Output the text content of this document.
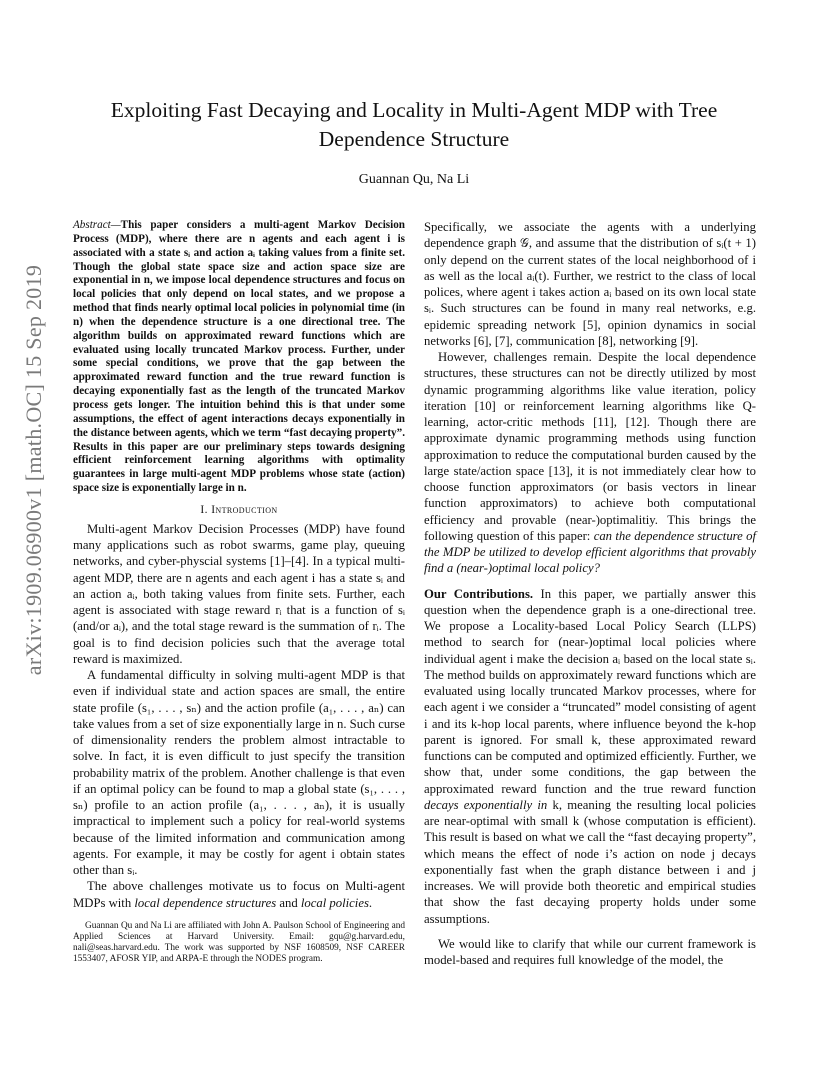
Exploiting Fast Decaying and Locality in Multi-Agent MDP with Tree Dependence Structure
Guannan Qu, Na Li
arXiv:1909.06900v1 [math.OC] 15 Sep 2019

Abstract—This paper considers a multi-agent Markov Decision Process (MDP), where there are n agents and each agent i is associated with a state sᵢ and action aᵢ taking values from a finite set. Though the global state space size and action space size are exponential in n, we impose local dependence structures and focus on local policies that only depend on local states, and we propose a method that finds nearly optimal local policies in polynomial time (in n) when the dependence structure is a one directional tree. The algorithm builds on approximated reward functions which are evaluated using locally truncated Markov process. Further, under some special conditions, we prove that the gap between the approximated reward function and the true reward function is decaying exponentially fast as the length of the truncated Markov process gets longer. The intuition behind this is that under some assumptions, the effect of agent interactions decays exponentially in the distance between agents, which we term “fast decaying property”. Results in this paper are our preliminary steps towards designing efficient reinforcement learning algorithms with optimality guarantees in large multi-agent MDP problems whose state (action) space size is exponentially large in n.

I. Introduction

Multi-agent Markov Decision Processes (MDP) have found many applications such as robot swarms, game play, queuing networks, and cyber-physcial systems [1]–[4]. In a typical multi-agent MDP, there are n agents and each agent i has a state sᵢ and an action aᵢ, both taking values from finite sets. Further, each agent is associated with stage reward rᵢ that is a function of sᵢ (and/or aᵢ), and the total stage reward is the summation of rᵢ. The goal is to find decision policies such that the average total reward is maximized.

A fundamental difficulty in solving multi-agent MDP is that even if individual state and action spaces are small, the entire state profile (s₁, . . . , sₙ) and the action profile (a₁, . . . , aₙ) can take values from a set of size exponentially large in n. Such curse of dimensionality renders the problem almost intractable to solve. In fact, it is even difficult to just specify the transition probability matrix of the problem. Another challenge is that even if an optimal policy can be found to map a global state (s₁, . . . , sₙ) profile to an action profile (a₁, . . . , aₙ), it is usually impractical to implement such a policy for real-world systems because of the limited information and communication among agents. For example, it may be costly for agent i obtain states other than sᵢ.

The above challenges motivate us to focus on Multi-agent MDPs with local dependence structures and local policies.

Guannan Qu and Na Li are affiliated with John A. Paulson School of Engineering and Applied Sciences at Harvard University. Email: gqu@g.harvard.edu, nali@seas.harvard.edu. The work was supported by NSF 1608509, NSF CAREER 1553407, AFOSR YIP, and ARPA-E through the NODES program.

Specifically, we associate the agents with a underlying dependence graph 𝒢, and assume that the distribution of sᵢ(t + 1) only depend on the current states of the local neighborhood of i as well as the local aᵢ(t). Further, we restrict to the class of local polices, where agent i takes action aᵢ based on its own local state sᵢ. Such structures can be found in many real networks, e.g. epidemic spreading network [5], opinion dynamics in social networks [6], [7], communication [8], networking [9].

However, challenges remain. Despite the local dependence structures, these structures can not be directly utilized by most dynamic programming algorithms like value iteration, policy iteration [10] or reinforcement learning algorithms like Q-learning, actor-critic methods [11], [12]. Though there are approximate dynamic programming methods using function approximation to reduce the computational burden caused by the large state/action space [13], it is not immediately clear how to choose function approximators (or basis vectors in linear function approximators) to achieve both computational efficiency and provable (near-)optimalitiy. This brings the following question of this paper: can the dependence structure of the MDP be utilized to develop efficient algorithms that provably find a (near-)optimal local policy?

Our Contributions. In this paper, we partially answer this question when the dependence graph is a one-directional tree. We propose a Locality-based Local Policy Search (LLPS) method to search for (near-)optimal local policies where individual agent i make the decision aᵢ based on the local state sᵢ. The method builds on approximately reward functions which are evaluated using locally truncated Markov processes, where for each agent i we consider a “truncated” model consisting of agent i and its k-hop local parents, where influence beyond the k-hop parent is ignored. For small k, these approximated reward functions can be computed and optimized efficiently. Further, we show that, under some conditions, the gap between the approximated reward function and the true reward function decays exponentially in k, meaning the resulting local policies are near-optimal with small k (whose computation is efficient). This result is based on what we call the “fast decaying property”, which means the effect of node i’s action on node j decays exponentially fast when the graph distance between i and j increases. We will provide both theoretic and empirical studies that show the fast decaying property holds under some assumptions.

We would like to clarify that while our current framework is model-based and requires full knowledge of the model, the
